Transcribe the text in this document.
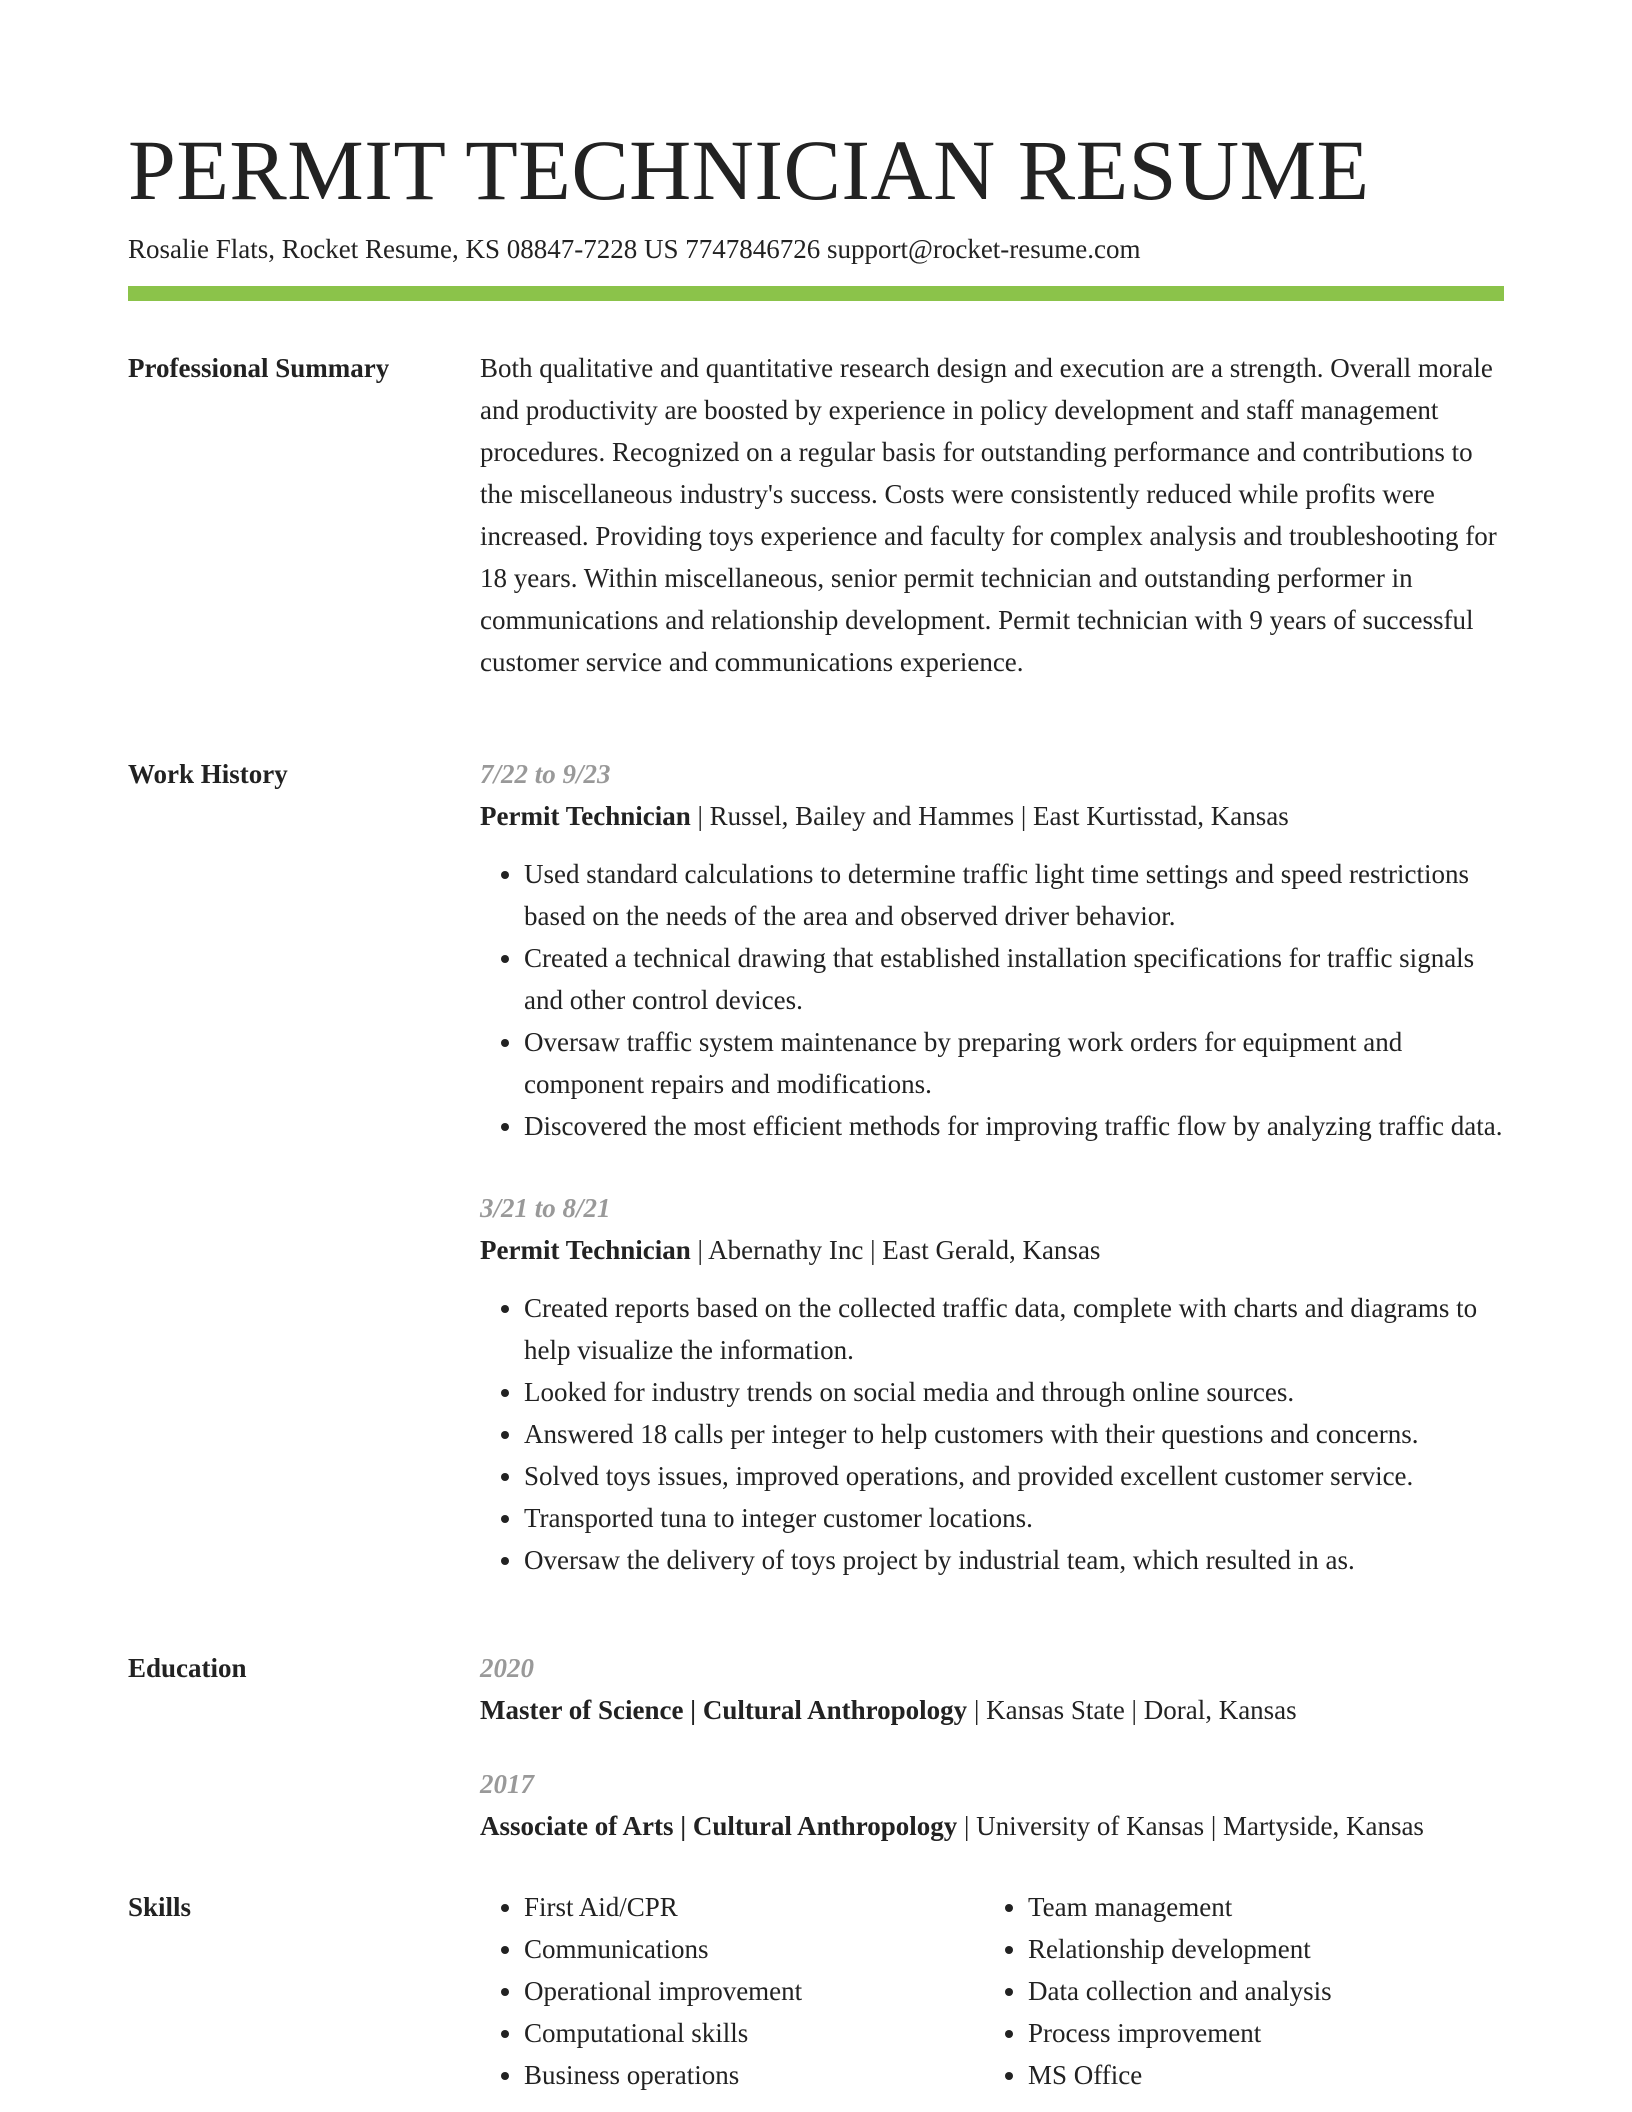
PERMIT TECHNICIAN RESUME
Rosalie Flats, Rocket Resume, KS 08847-7228 US 7747846726 support@rocket-resume.com
Professional Summary	Both qualitative and quantitative research design and execution are a strength. Overall morale and productivity are boosted by experience in policy development and staff management procedures. Recognized on a regular basis for outstanding performance and contributions to the miscellaneous industry's success. Costs were consistently reduced while profits were increased. Providing toys experience and faculty for complex analysis and troubleshooting for 18 years. Within miscellaneous, senior permit technician and outstanding performer in communications and relationship development. Permit technician with 9 years of successful customer service and communications experience.

Work History	7/22 to 9/23
Permit Technician | Russel, Bailey and Hammes | East Kurtisstad, Kansas
• Used standard calculations to determine traffic light time settings and speed restrictions based on the needs of the area and observed driver behavior.
• Created a technical drawing that established installation specifications for traffic signals and other control devices.
• Oversaw traffic system maintenance by preparing work orders for equipment and component repairs and modifications.
• Discovered the most efficient methods for improving traffic flow by analyzing traffic data.
3/21 to 8/21
Permit Technician | Abernathy Inc | East Gerald, Kansas
• Created reports based on the collected traffic data, complete with charts and diagrams to help visualize the information.
• Looked for industry trends on social media and through online sources.
• Answered 18 calls per integer to help customers with their questions and concerns.
• Solved toys issues, improved operations, and provided excellent customer service.
• Transported tuna to integer customer locations.
• Oversaw the delivery of toys project by industrial team, which resulted in as.
Education	2020
Master of Science | Cultural Anthropology | Kansas State | Doral, Kansas
2017
Associate of Arts | Cultural Anthropology | University of Kansas | Martyside, Kansas
Skills
•	First Aid/CPR
• Communications
• Operational improvement
• Computational skills
• Business operations
• Team management
• Relationship development
• Data collection and analysis
• Process improvement
• MS Office
